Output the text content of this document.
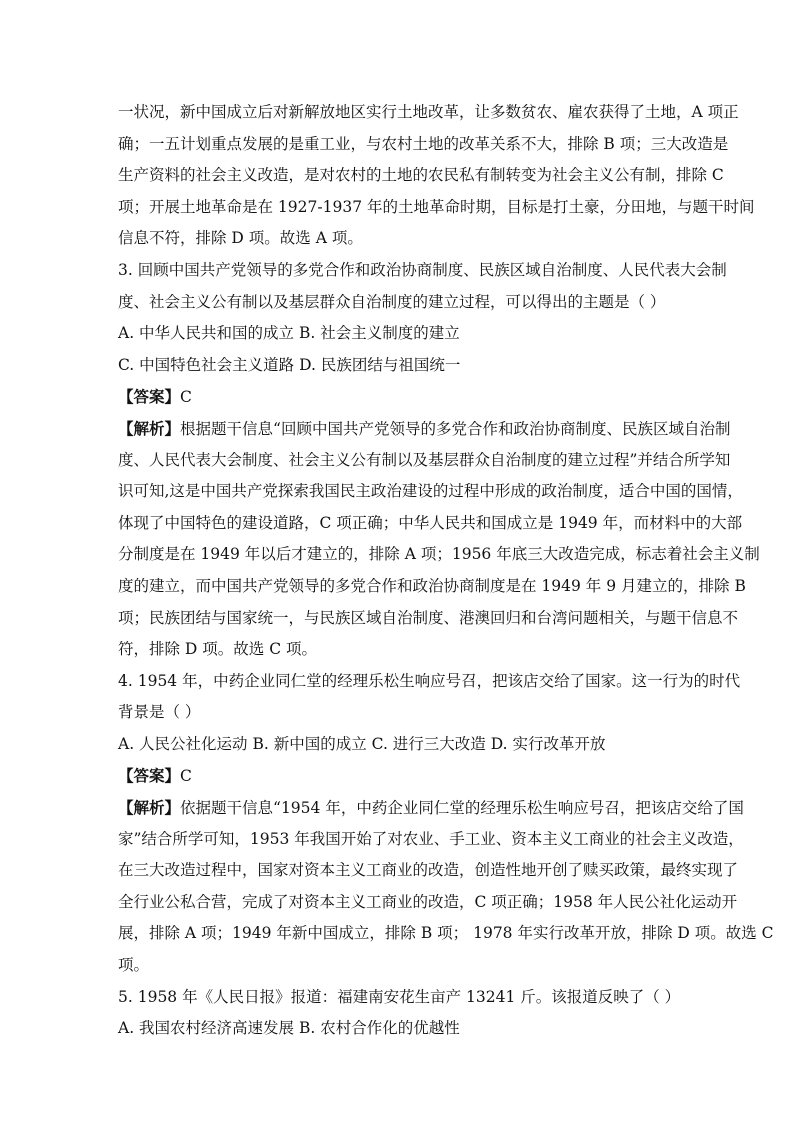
一状况，新中国成立后对新解放地区实行土地改革，让多数贫农、雇农获得了土地，A 项正
确；一五计划重点发展的是重工业，与农村土地的改革关系不大，排除 B 项；三大改造是
生产资料的社会主义改造，是对农村的土地的农民私有制转变为社会主义公有制，排除 C
项；开展土地革命是在 1927-1937 年的土地革命时期，目标是打土豪，分田地，与题干时间
信息不符，排除 D 项。故选 A 项。
3. 回顾中国共产党领导的多党合作和政治协商制度、民族区域自治制度、人民代表大会制
度、社会主义公有制以及基层群众自治制度的建立过程，可以得出的主题是（ ）
A. 中华人民共和国的成立 B. 社会主义制度的建立
C. 中国特色社会主义道路 D. 民族团结与祖国统一
【答案】C
【解析】根据题干信息“回顾中国共产党领导的多党合作和政治协商制度、民族区域自治制
度、人民代表大会制度、社会主义公有制以及基层群众自治制度的建立过程”并结合所学知
识可知,这是中国共产党探索我国民主政治建设的过程中形成的政治制度，适合中国的国情，
体现了中国特色的建设道路，C 项正确；中华人民共和国成立是 1949 年，而材料中的大部
分制度是在 1949 年以后才建立的，排除 A 项；1956 年底三大改造完成，标志着社会主义制
度的建立，而中国共产党领导的多党合作和政治协商制度是在 1949 年 9 月建立的，排除 B
项；民族团结与国家统一，与民族区域自治制度、港澳回归和台湾问题相关，与题干信息不
符，排除 D 项。故选 C 项。
4. 1954 年，中药企业同仁堂的经理乐松生响应号召，把该店交给了国家。这一行为的时代
背景是（ ）
A. 人民公社化运动 B. 新中国的成立 C. 进行三大改造 D. 实行改革开放
【答案】C
【解析】依据题干信息“1954 年，中药企业同仁堂的经理乐松生响应号召，把该店交给了国
家”结合所学可知，1953 年我国开始了对农业、手工业、资本主义工商业的社会主义改造，
在三大改造过程中，国家对资本主义工商业的改造，创造性地开创了赎买政策，最终实现了
全行业公私合营，完成了对资本主义工商业的改造，C 项正确；1958 年人民公社化运动开
展，排除 A 项；1949 年新中国成立，排除 B 项； 1978 年实行改革开放，排除 D 项。故选 C
项。
5. 1958 年《人民日报》报道：福建南安花生亩产 13241 斤。该报道反映了（ ）
A. 我国农村经济高速发展 B. 农村合作化的优越性
